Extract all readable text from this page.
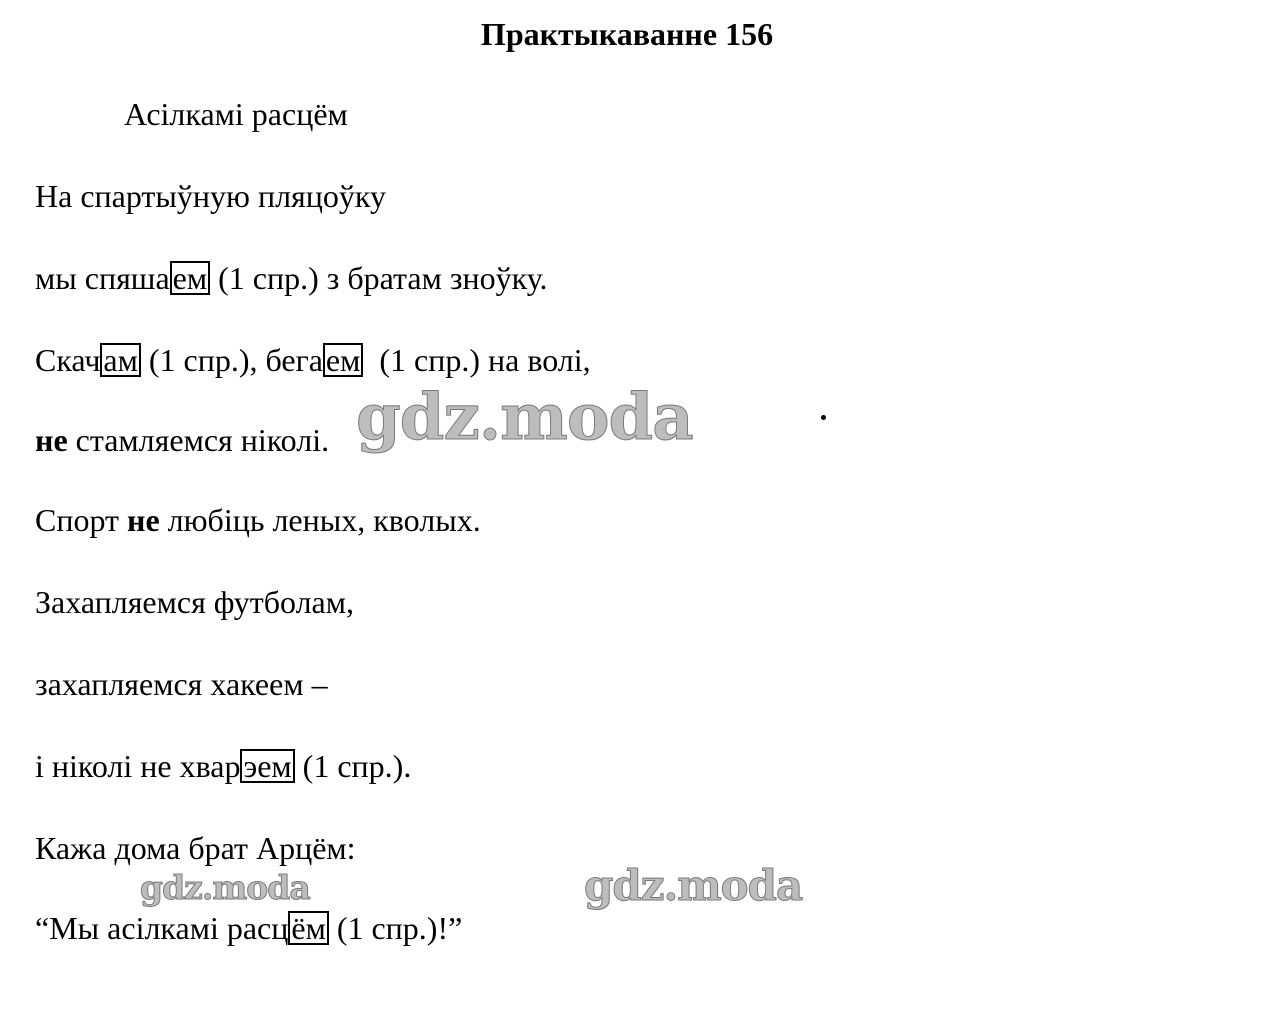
Практыкаванне 156
Асілкамі расцём
На спартыўную пляцоўку
мы спяшаем (1 спр.) з братам зноўку.
Скачам (1 спр.), бегаем  (1 спр.) на волі,
не стамляемся ніколі.
Спорт не любіць леных, кволых.
Захапляемся футболам,
захапляемся хакеем –
і ніколі не хварэем (1 спр.).
Кажа дома брат Арцём:
“Мы асілкамі расцём (1 спр.)!”
gdz.moda
gdz.moda	gdz.moda
